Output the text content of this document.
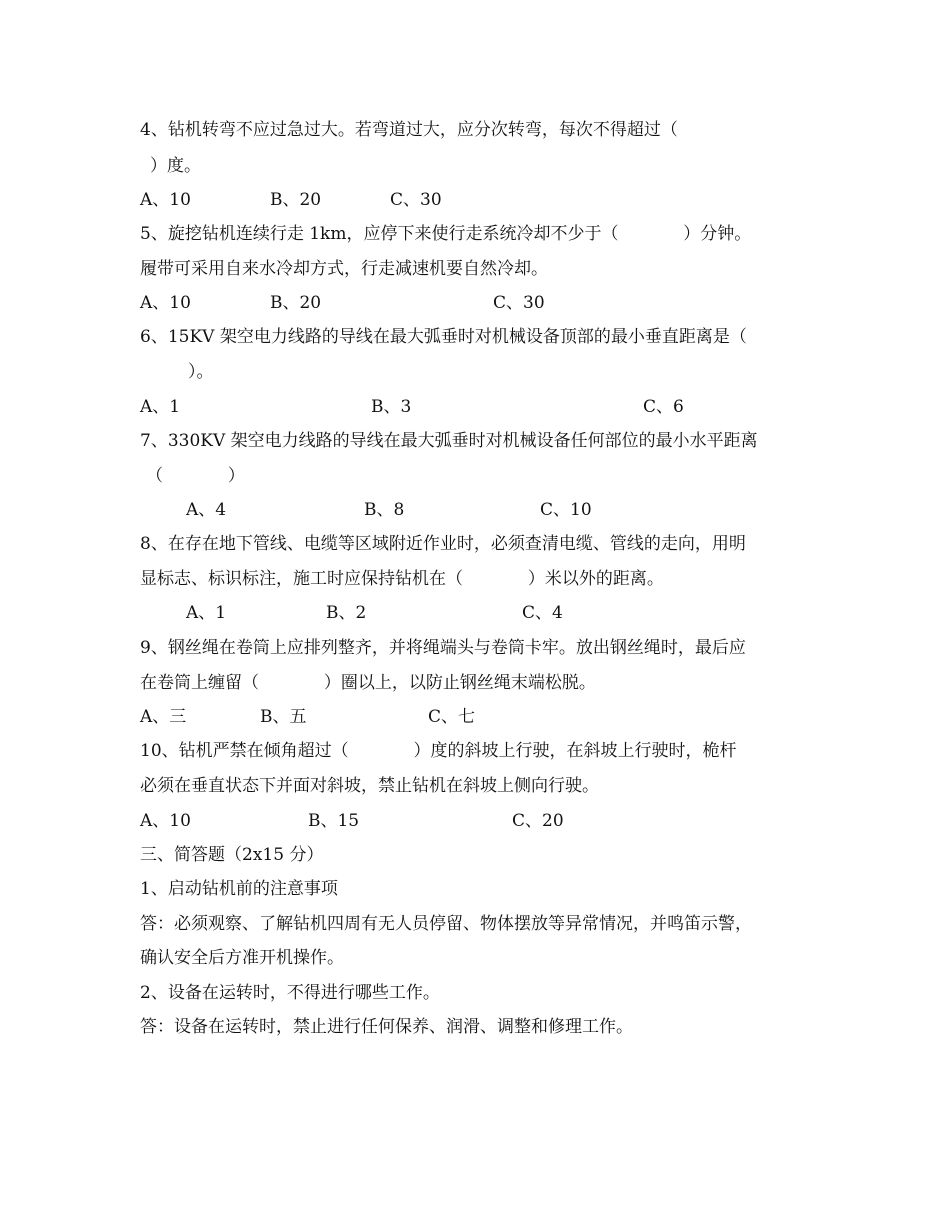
4、钻机转弯不应过急过大。若弯道过大，应分次转弯，每次不得超过（
）度。
A、10	B、20	C、30
5、旋挖钻机连续行走 1km，应停下来使行走系统冷却不少于（            ）分钟。
履带可采用自来水冷却方式，行走减速机要自然冷却。
A、10	B、20	C、30
6、15KV 架空电力线路的导线在最大弧垂时对机械设备顶部的最小垂直距离是（
）。
A、1	B、3	C、6
7、330KV 架空电力线路的导线在最大弧垂时对机械设备任何部位的最小水平距离
（            ）
A、4	B、8	C、10
8、在存在地下管线、电缆等区域附近作业时，必须查清电缆、管线的走向，用明
显标志、标识标注，施工时应保持钻机在（            ）米以外的距离。
A、1	B、2	C、4
9、钢丝绳在卷筒上应排列整齐，并将绳端头与卷筒卡牢。放出钢丝绳时，最后应
在卷筒上缠留（            ）圈以上，以防止钢丝绳末端松脱。
A、三	B、五	C、七
10、钻机严禁在倾角超过（            ）度的斜坡上行驶，在斜坡上行驶时，桅杆
必须在垂直状态下并面对斜坡，禁止钻机在斜坡上侧向行驶。
A、10	B、15	C、20
三、简答题（2x15 分）
1、启动钻机前的注意事项
答：必须观察、了解钻机四周有无人员停留、物体摆放等异常情况，并鸣笛示警，
确认安全后方准开机操作。
2、设备在运转时，不得进行哪些工作。
答：设备在运转时，禁止进行任何保养、润滑、调整和修理工作。
